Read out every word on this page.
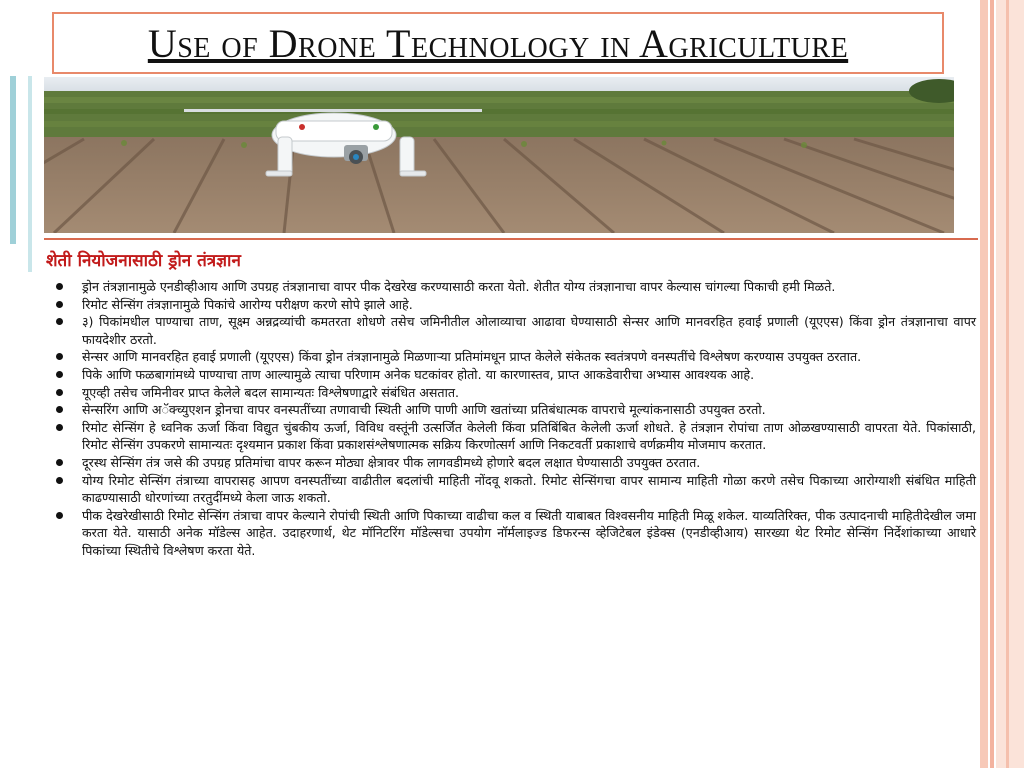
Use of Drone Technology in Agriculture
शेती नियोजनासाठी ड्रोन तंत्रज्ञान
ड्रोन तंत्रज्ञानामुळे एनडीव्हीआय आणि उपग्रह तंत्रज्ञानाचा वापर पीक देखरेख करण्यासाठी करता येतो. शेतीत योग्य तंत्रज्ञानाचा वापर केल्यास चांगल्या पिकाची हमी मिळते.
रिमोट सेन्सिंग तंत्रज्ञानामुळे पिकांचे आरोग्य परीक्षण करणे सोपे झाले आहे.
३) पिकांमधील पाण्याचा ताण, सूक्ष्म अन्नद्रव्यांची कमतरता शोधणे तसेच जमिनीतील ओलाव्याचा आढावा घेण्यासाठी सेन्सर आणि मानवरहित हवाई प्रणाली (यूएएस) किंवा ड्रोन तंत्रज्ञानाचा वापर फायदेशीर ठरतो.
सेन्सर आणि मानवरहित हवाई प्रणाली (यूएएस) किंवा ड्रोन तंत्रज्ञानामुळे मिळणाऱ्या प्रतिमांमधून प्राप्त केलेले संकेतक स्वतंत्रपणे वनस्पतींचे विश्लेषण करण्यास उपयुक्त ठरतात.
पिके आणि फळबागांमध्ये पाण्याचा ताण आल्यामुळे त्याचा परिणाम अनेक घटकांवर होतो. या कारणास्तव, प्राप्त आकडेवारीचा अभ्यास आवश्यक आहे.
यूएव्ही तसेच जमिनीवर प्राप्त केलेले बदल सामान्यतः विश्लेषणाद्वारे संबंधित असतात.
सेन्सरिंग आणि अॅक्च्युएशन ड्रोनचा वापर वनस्पतींच्या तणावाची स्थिती आणि पाणी आणि खतांच्या प्रतिबंधात्मक वापराचे मूल्यांकनासाठी उपयुक्त ठरतो.
रिमोट सेन्सिंग हे ध्वनिक ऊर्जा किंवा विद्युत चुंबकीय ऊर्जा, विविध वस्तूंनी उत्सर्जित केलेली किंवा प्रतिबिंबित केलेली ऊर्जा शोधते. हे तंत्रज्ञान रोपांचा ताण ओळखण्यासाठी वापरता येते. पिकांसाठी, रिमोट सेन्सिंग उपकरणे सामान्यतः दृश्यमान प्रकाश किंवा प्रकाशसंश्लेषणात्मक सक्रिय किरणोत्सर्ग आणि निकटवर्ती प्रकाशाचे वर्णक्रमीय मोजमाप करतात.
दूरस्थ सेन्सिंग तंत्र जसे की उपग्रह प्रतिमांचा वापर करून मोठ्या क्षेत्रावर पीक लागवडीमध्ये होणारे बदल लक्षात घेण्यासाठी उपयुक्त ठरतात.
योग्य रिमोट सेन्सिंग तंत्राच्या वापरासह आपण वनस्पतींच्या वाढीतील बदलांची माहिती नोंदवू शकतो. रिमोट सेन्सिंगचा वापर सामान्य माहिती गोळा करणे तसेच पिकाच्या आरोग्याशी संबंधित माहिती काढण्यासाठी धोरणांच्या तरतुदींमध्ये केला जाऊ शकतो.
पीक देखरेखीसाठी रिमोट सेन्सिंग तंत्राचा वापर केल्याने रोपांची स्थिती आणि पिकाच्या वाढीचा कल व स्थिती याबाबत विश्वसनीय माहिती मिळू शकेल. याव्यतिरिक्त, पीक उत्पादनाची माहितीदेखील जमा करता येते. यासाठी अनेक मॉडेल्स आहेत. उदाहरणार्थ, थेट मॉनिटरिंग मॉडेल्सचा उपयोग नॉर्मलाइज्ड डिफरन्स व्हेजिटेबल इंडेक्स (एनडीव्हीआय) सारख्या थेट रिमोट सेन्सिंग निर्देशांकाच्या आधारे पिकांच्या स्थितीचे विश्लेषण करता येते.
